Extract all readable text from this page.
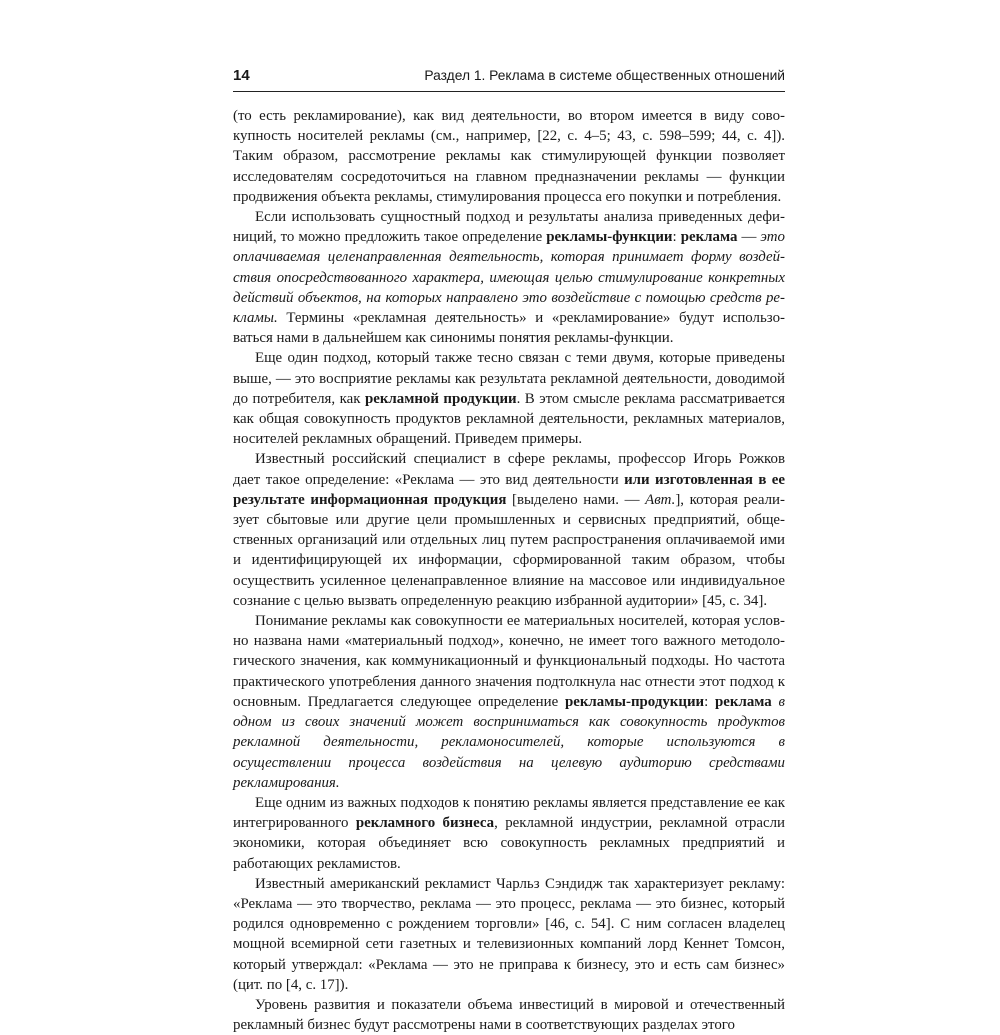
14	Раздел 1. Реклама в системе общественных отношений

(то есть рекламирование), как вид деятельности, во втором имеется в виду совокупность носителей рекламы (см., например, [22, с. 4–5; 43, с. 598–599; 44, с. 4]). Таким образом, рассмотрение рекламы как стимулирующей функции позволяет исследователям сосредоточиться на главном предназначении рекламы — функции продвижения объекта рекламы, стимулирования процесса его покупки и потребления.

Если использовать сущностный подход и результаты анализа приведенных дефиниций, то можно предложить такое определение рекламы-функции: реклама — это оплачиваемая целенаправленная деятельность, которая принимает форму воздействия опосредствованного характера, имеющая целью стимулирование конкретных действий объектов, на которых направлено это воздействие с помощью средств рекламы. Термины «рекламная деятельность» и «рекламирование» будут использоваться нами в дальнейшем как синонимы понятия рекламы-функции.

Еще один подход, который также тесно связан с теми двумя, которые приведены выше, — это восприятие рекламы как результата рекламной деятельности, доводимой до потребителя, как рекламной продукции. В этом смысле реклама рассматривается как общая совокупность продуктов рекламной деятельности, рекламных материалов, носителей рекламных обращений. Приведем примеры.

Известный российский специалист в сфере рекламы, профессор Игорь Рожков дает такое определение: «Реклама — это вид деятельности или изготовленная в ее результате информационная продукция [выделено нами. — Авт.], которая реализует сбытовые или другие цели промышленных и сервисных предприятий, общественных организаций или отдельных лиц путем распространения оплачиваемой ими и идентифицирующей их информации, сформированной таким образом, чтобы осуществить усиленное целенаправленное влияние на массовое или индивидуальное сознание с целью вызвать определенную реакцию избранной аудитории» [45, с. 34].

Понимание рекламы как совокупности ее материальных носителей, которая условно названа нами «материальный подход», конечно, не имеет того важного методологического значения, как коммуникационный и функциональный подходы. Но частота практического употребления данного значения подтолкнула нас отнести этот подход к основным. Предлагается следующее определение рекламы-продукции: реклама в одном из своих значений может восприниматься как совокупность продуктов рекламной деятельности, рекламоносителей, которые используются в осуществлении процесса воздействия на целевую аудиторию средствами рекламирования.

Еще одним из важных подходов к понятию рекламы является представление ее как интегрированного рекламного бизнеса, рекламной индустрии, рекламной отрасли экономики, которая объединяет всю совокупность рекламных предприятий и работающих рекламистов.

Известный американский рекламист Чарльз Сэндидж так характеризует рекламу: «Реклама — это творчество, реклама — это процесс, реклама — это бизнес, который родился одновременно с рождением торговли» [46, с. 54]. С ним согласен владелец мощной всемирной сети газетных и телевизионных компаний лорд Кеннет Томсон, который утверждал: «Реклама — это не приправа к бизнесу, это и есть сам бизнес» (цит. по [4, с. 17]).

Уровень развития и показатели объема инвестиций в мировой и отечественный рекламный бизнес будут рассмотрены нами в соответствующих разделах этого
